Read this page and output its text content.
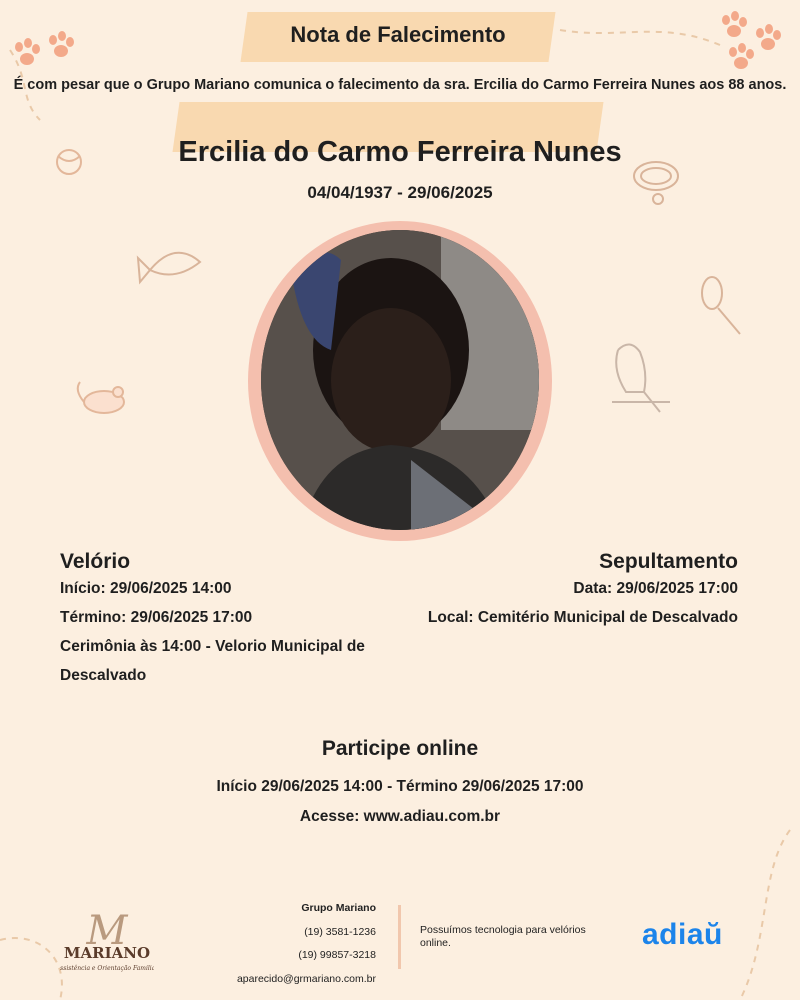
Nota de Falecimento
É com pesar que o Grupo Mariano comunica o falecimento da sra. Ercilia do Carmo Ferreira Nunes aos 88 anos.
Ercilia do Carmo Ferreira Nunes
04/04/1937 - 29/06/2025
Velório
Início: 29/06/2025 14:00
Término: 29/06/2025 17:00
Cerimônia às 14:00 - Velorio Municipal de Descalvado
Sepultamento
Data: 29/06/2025 17:00
Local: Cemitério Municipal de Descalvado
Participe online
Início 29/06/2025 14:00 - Término 29/06/2025 17:00
Acesse: www.adiau.com.br
M
MARIANO
Assistência e Orientação Familiar
Grupo Mariano
(19) 3581-1236
(19) 99857-3218
aparecido@grmariano.com.br
Possuímos tecnologia para velórios online.	adiaŭ
